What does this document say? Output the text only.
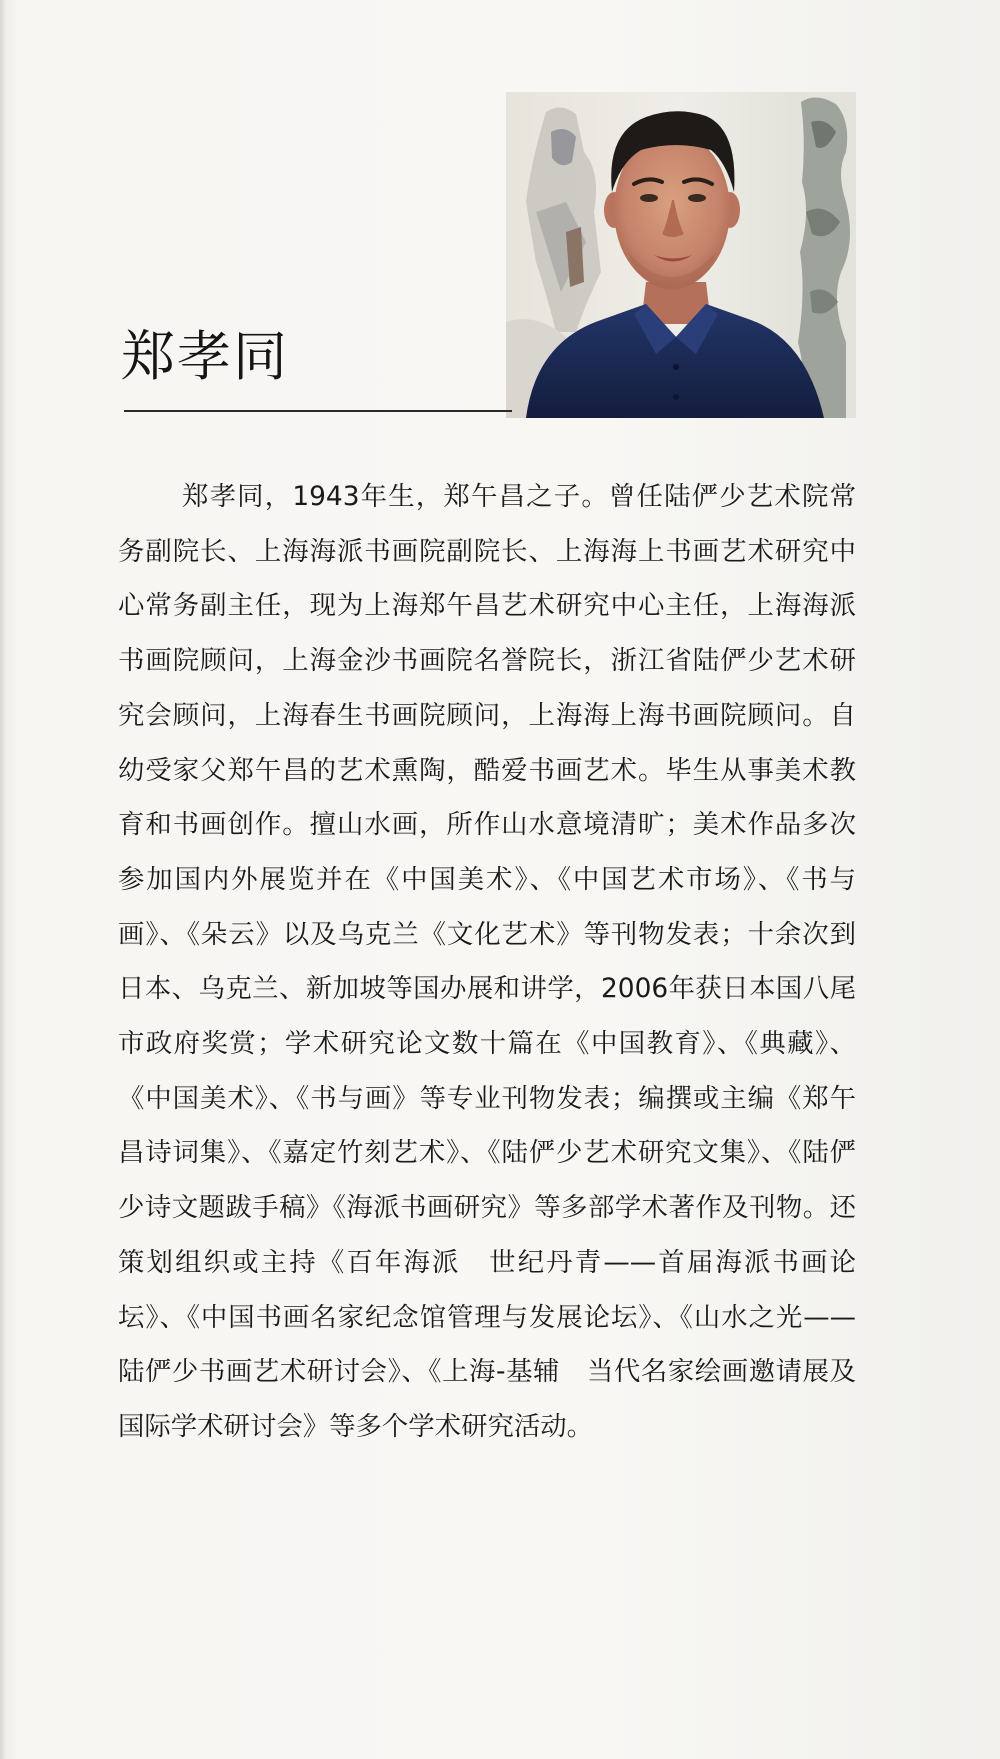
郑孝同

郑孝同，1943年生，郑午昌之子。曾任陆俨少艺术院常务副院长、上海海派书画院副院长、上海海上书画艺术研究中心常务副主任，现为上海郑午昌艺术研究中心主任，上海海派书画院顾问，上海金沙书画院名誉院长，浙江省陆俨少艺术研究会顾问，上海春生书画院顾问，上海海上海书画院顾问。自幼受家父郑午昌的艺术熏陶，酷爱书画艺术。毕生从事美术教育和书画创作。擅山水画，所作山水意境清旷；美术作品多次参加国内外展览并在《中国美术》、《中国艺术市场》、《书与画》、《朵云》以及乌克兰《文化艺术》等刊物发表；十余次到日本、乌克兰、新加坡等国办展和讲学，2006年获日本国八尾市政府奖赏；学术研究论文数十篇在《中国教育》、《典藏》、《中国美术》、《书与画》等专业刊物发表；编撰或主编《郑午昌诗词集》、《嘉定竹刻艺术》、《陆俨少艺术研究文集》、《陆俨少诗文题跋手稿》《海派书画研究》等多部学术著作及刊物。还策划组织或主持《百年海派　世纪丹青——首届海派书画论坛》、《中国书画名家纪念馆管理与发展论坛》、《山水之光——陆俨少书画艺术研讨会》、《上海-基辅　当代名家绘画邀请展及国际学术研讨会》等多个学术研究活动。
